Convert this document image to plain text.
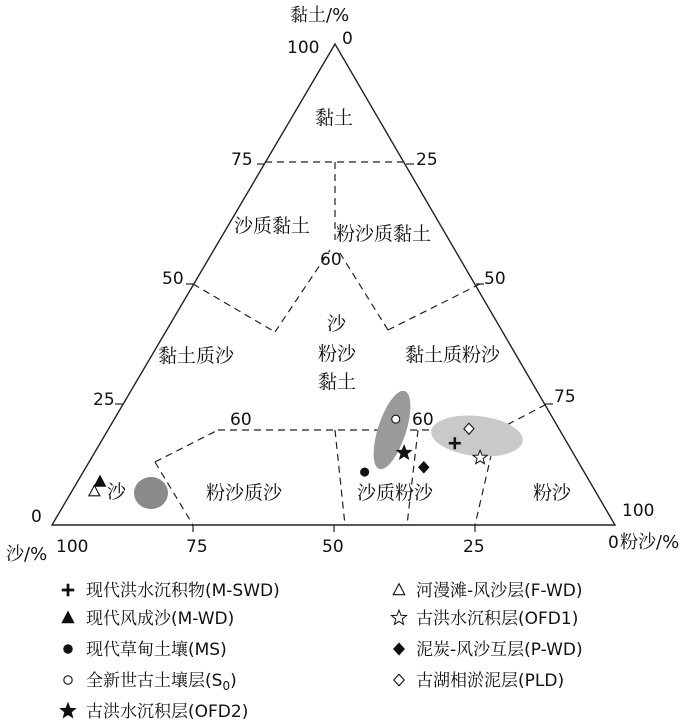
黏土
沙质黏土 粉沙质黏土
沙
粉沙
黏土
黏土质沙	黏土质粉沙
沙	粉沙质沙	沙质粉沙	粉沙
黏土/%
100 0
75	25
50	50
25	75
0	100
60
60	60
沙/% 100	75	50	25	0 粉沙/%
现代洪水沉积物(M-SWD)
现代风成沙(M-WD)
现代草甸土壤(MS)
全新世古土壤层$(S_0)$
古洪水沉积层(OFD2)
河漫滩-风沙层(F-WD)
古洪水沉积层(OFD1)
泥炭-风沙互层(P-WD)
古湖相淤泥层(PLD)
